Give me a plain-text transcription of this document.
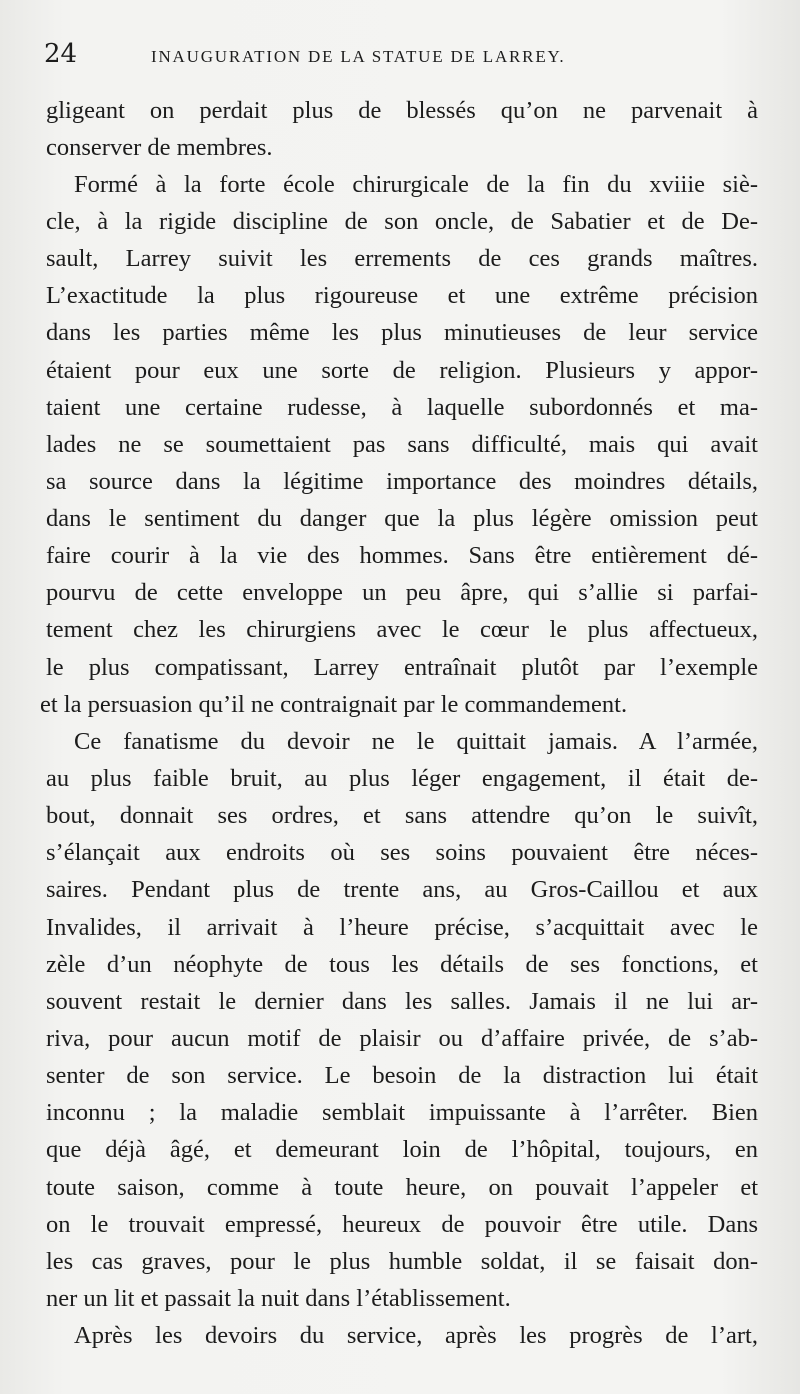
24	INAUGURATION DE LA STATUE DE LARREY.
gligeant on perdait plus de blessés qu’on ne parvenait à
conserver de membres.
Formé à la forte école chirurgicale de la fin du xviiie siè-
cle, à la rigide discipline de son oncle, de Sabatier et de De-
sault, Larrey suivit les errements de ces grands maîtres.
L’exactitude la plus rigoureuse et une extrême précision
dans les parties même les plus minutieuses de leur service
étaient pour eux une sorte de religion. Plusieurs y appor-
taient une certaine rudesse, à laquelle subordonnés et ma-
lades ne se soumettaient pas sans difficulté, mais qui avait
sa source dans la légitime importance des moindres détails,
dans le sentiment du danger que la plus légère omission peut
faire courir à la vie des hommes. Sans être entièrement dé-
pourvu de cette enveloppe un peu âpre, qui s’allie si parfai-
tement chez les chirurgiens avec le cœur le plus affectueux,
le plus compatissant, Larrey entraînait plutôt par l’exemple
et la persuasion qu’il ne contraignait par le commandement.
Ce fanatisme du devoir ne le quittait jamais. A l’armée,
au plus faible bruit, au plus léger engagement, il était de-
bout, donnait ses ordres, et sans attendre qu’on le suivît,
s’élançait aux endroits où ses soins pouvaient être néces-
saires. Pendant plus de trente ans, au Gros-Caillou et aux
Invalides, il arrivait à l’heure précise, s’acquittait avec le
zèle d’un néophyte de tous les détails de ses fonctions, et
souvent restait le dernier dans les salles. Jamais il ne lui ar-
riva, pour aucun motif de plaisir ou d’affaire privée, de s’ab-
senter de son service. Le besoin de la distraction lui était
inconnu ; la maladie semblait impuissante à l’arrêter. Bien
que déjà âgé, et demeurant loin de l’hôpital, toujours, en
toute saison, comme à toute heure, on pouvait l’appeler et
on le trouvait empressé, heureux de pouvoir être utile. Dans
les cas graves, pour le plus humble soldat, il se faisait don-
ner un lit et passait la nuit dans l’établissement.
Après les devoirs du service, après les progrès de l’art,
